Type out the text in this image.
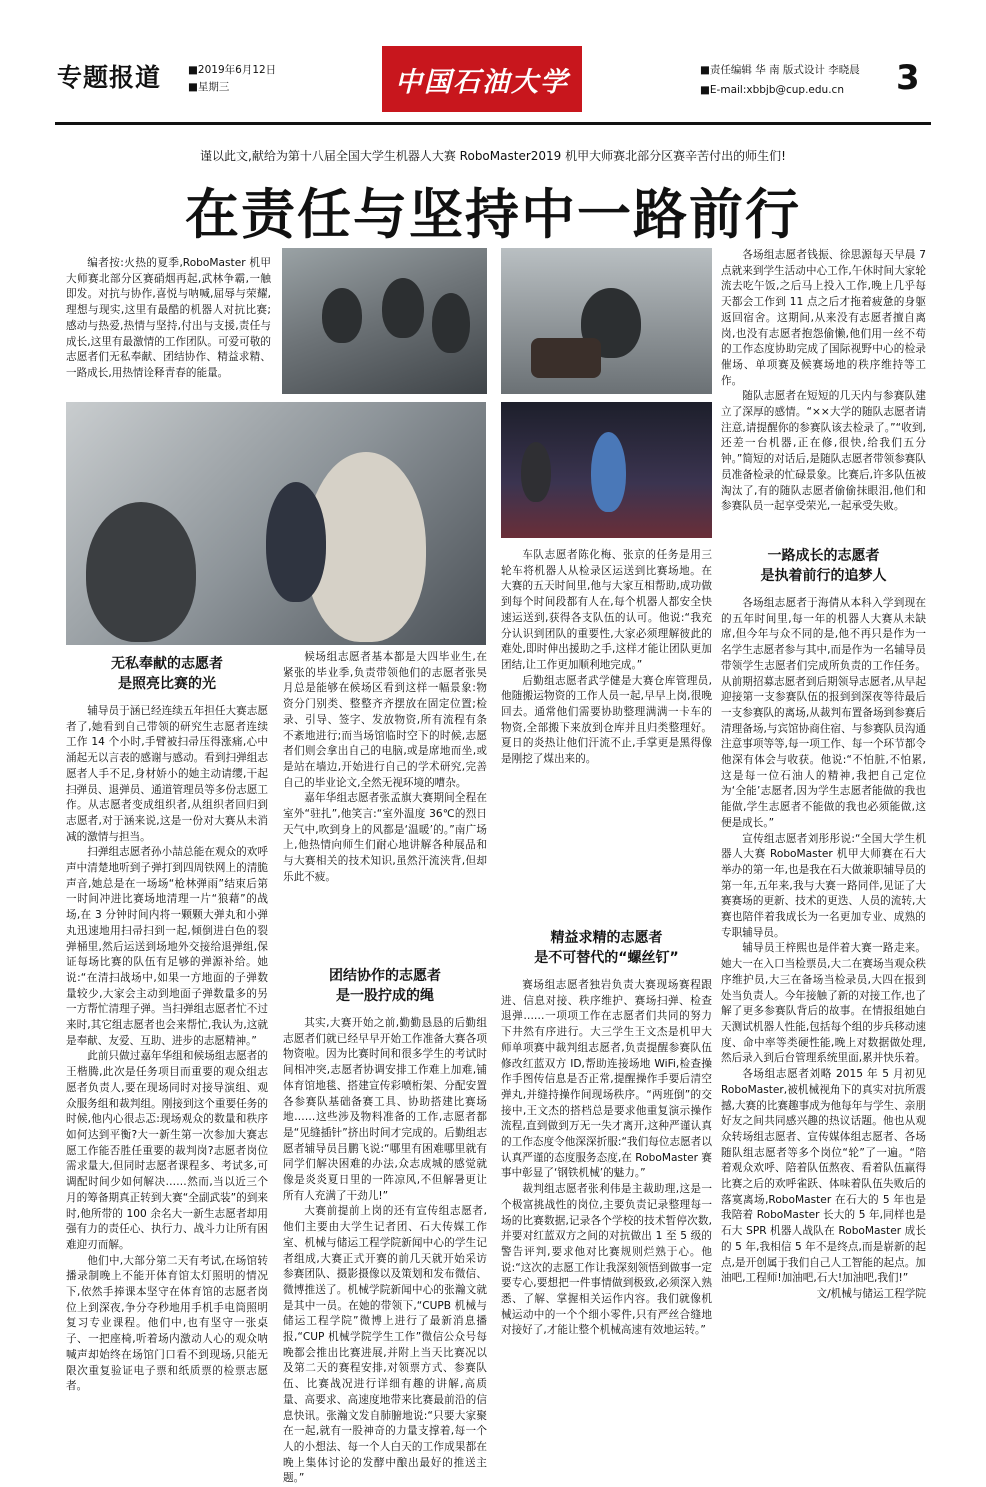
专题报道	■2019年6月12日
■星期三	中国石油大学	■责任编辑 华 南 版式设计 李晓晨
■E-mail:xbbjb@cup.edu.cn	3
谨以此文,献给为第十八届全国大学生机器人大赛 RoboMaster2019 机甲大师赛北部分区赛辛苦付出的师生们!
在责任与坚持中一路前行

编者按:火热的夏季,RoboMaster 机甲大师赛北部分区赛硝烟再起,武林争霸,一触即发。对抗与协作,喜悦与呐喊,屈辱与荣耀,理想与现实,这里有最酷的机器人对抗比赛;感动与热爱,热情与坚持,付出与支援,责任与成长,这里有最激情的工作团队。可爱可敬的志愿者们无私奉献、团结协作、精益求精、一路成长,用热情诠释青春的能量。

无私奉献的志愿者
是照亮比赛的光

辅导员于涵已经连续五年担任大赛志愿者了,她看到自己带领的研究生志愿者连续工作 14 个小时,手臂被扫帚压得涨痛,心中涌起无以言表的感谢与感动。看到扫弹组志愿者人手不足,身材娇小的她主动请缨,干起扫弹员、退弹员、通道管理员等多份志愿工作。从志愿者变成组织者,从组织者回归到志愿者,对于涵来说,这是一份对大赛从未消减的激情与担当。

扫弹组志愿者孙小喆总能在观众的欢呼声中清楚地听到子弹打到四周铁网上的清脆声音,她总是在一场场“枪林弹雨”结束后第一时间冲进比赛场地清理一片“狼藉”的战场,在 3 分钟时间内将一颗颗大弹丸和小弹丸迅速地用扫帚扫到一起,倾倒进白色的裂弹桶里,然后运送到场地外交接给退弹组,保证每场比赛的队伍有足够的弹源补给。她说:“在清扫战场中,如果一方地面的子弹数量较少,大家会主动到地面子弹数量多的另一方帮忙清理子弹。当扫弹组志愿者忙不过来时,其它组志愿者也会来帮忙,我认为,这就是奉献、友爱、互助、进步的志愿精神。”

此前只做过嘉年华组和候场组志愿者的王楷腾,此次是任务项目而重要的观众组志愿者负责人,要在现场同时对接导演组、观众服务组和裁判组。刚接到这个重要任务的时候,他内心很忐忑:现场观众的数量和秩序如何达到平衡?大一新生第一次参加大赛志愿工作能否胜任重要的裁判岗?志愿者岗位需求量大,但同时志愿者课程多、考试多,可调配时间少如何解决……然而,当以近三个月的筹备期真正转到大赛“全副武装”的到来时,他所带的 100 余名大一新生志愿者却用强有力的责任心、执行力、战斗力让所有困难迎刃而解。

他们中,大部分第二天有考试,在场馆转播录制晚上不能开体育馆太灯照明的情况下,依然手捧课本坚守在体育馆的志愿者岗位上到深夜,争分夺秒地用手机手电筒照明复习专业课程。他们中,也有坚守一张桌子、一把座椅,听着场内激动人心的观众呐喊声却始终在场馆门口看不到现场,只能无限次重复验证电子票和纸质票的检票志愿者。

候场组志愿者基本都是大四毕业生,在紧张的毕业季,负责带领他们的志愿者张昊月总是能够在候场区看到这样一幅景象:物资分门别类、整整齐齐摆放在固定位置;检录、引导、签字、发放物资,所有流程有条不紊地进行;而当场馆临时空下的时候,志愿者们则会拿出自己的电脑,或是席地而坐,或是站在墙边,开始进行自己的学术研究,完善自己的毕业论文,全然无视环境的嘈杂。

嘉年华组志愿者张孟旗大赛期间全程在室外“驻扎”,他笑言:“室外温度 36℃的烈日天气中,吹到身上的风都是‘温暖’的。”南广场上,他热情向师生们耐心地讲解各种展品和与大赛相关的技术知识,虽然汗流浃背,但却乐此不疲。

团结协作的志愿者
是一股拧成的绳

其实,大赛开始之前,勤勤恳恳的后勤组志愿者们就已经早早开始工作准备大赛各项物资啦。因为比赛时间和很多学生的考试时间相冲突,志愿者协调安排工作难上加难,铺体育馆地毯、搭建宣传彩喷桁架、分配安置各参赛队基础备赛工具、协助搭建比赛场地……这些涉及物料准备的工作,志愿者都是“见缝插针”挤出时间才完成的。后勤组志愿者辅导员吕鹏飞说:“哪里有困难哪里就有同学们解决困难的办法,众志成城的感觉就像是炎炎夏日里的一阵凉风,不但解暑更让所有人充满了干劲儿!”

大赛前提前上岗的还有宣传组志愿者,他们主要由大学生记者团、石大传媒工作室、机械与储运工程学院新闻中心的学生记者组成,大赛正式开赛的前几天就开始采访参赛团队、摄影摄像以及策划和发布微信、微博推送了。机械学院新闻中心的张瀚文就是其中一员。在她的带领下,“CUPB 机械与储运工程学院”微博上进行了最新消息播报,“CUP 机械学院学生工作”微信公众号每晚都会推出比赛进展,并附上当天比赛况以及第二天的赛程安排,对领票方式、参赛队伍、比赛战况进行详细有趣的讲解,高质量、高要求、高速度地带来比赛最前沿的信息快讯。张瀚文发自肺腑地说:“只要大家聚在一起,就有一股神奇的力量支撑着,每一个人的小想法、每一个人白天的工作成果都在晚上集体讨论的发酵中酿出最好的推送主题。”

车队志愿者陈化梅、张京的任务是用三轮车将机器人从检录区运送到比赛场地。在大赛的五天时间里,他与大家互相帮助,成功做到每个时间段都有人在,每个机器人都安全快速运送到,获得各支队伍的认可。他说:“我充分认识到团队的重要性,大家必须理解彼此的难处,即时伸出援助之手,这样才能让团队更加团结,让工作更加顺利地完成。”

后勤组志愿者武学健是大赛仓库管理员,他随搬运物资的工作人员一起,早早上岗,很晚回去。通常他们需要协助整理满满一卡车的物资,全部搬下来放到仓库并且归类整理好。夏日的炎热让他们汗流不止,手掌更是黑得像是刚挖了煤出来的。

精益求精的志愿者
是不可替代的“螺丝钉”

赛场组志愿者独岩负责大赛现场赛程跟进、信息对接、秩序维护、赛场扫弹、检查退弹……一项项工作在志愿者们共同的努力下井然有序进行。大三学生王文杰是机甲大师单项赛中裁判组志愿者,负责提醒参赛队伍修改红蓝双方 ID,帮助连接场地 WiFi,检查操作手图传信息是否正常,提醒操作手要后清空弹丸,并缝持操作间现场秩序。“两班倒”的交接中,王文杰的搭档总是要求他重复演示操作流程,直到做到万无一失才离开,这种严谨认真的工作态度令他深深折服:“我们每位志愿者以认真严谨的态度服务态度,在 RoboMaster 赛事中彰显了‘钢铁机械’的魅力。”

裁判组志愿者张利伟是主裁助理,这是一个极富挑战性的岗位,主要负责记录整理每一场的比赛数据,记录各个学校的技术暂停次数,并要对红蓝双方之间的对抗做出 1 至 5 级的警告评判,要求他对比赛规则烂熟于心。他说:“这次的志愿工作让我深刻领悟到做事一定要专心,要想把一件事情做到极致,必须深入熟悉、了解、掌握相关运作内容。我们就像机械运动中的一个个细小零件,只有严丝合缝地对接好了,才能让整个机械高速有效地运转。”

各场组志愿者钱振、徐思源每天早晨 7 点就来到学生活动中心工作,午休时间大家轮流去吃午饭,之后马上投入工作,晚上几乎每天都会工作到 11 点之后才拖着疲惫的身躯返回宿舍。这期间,从来没有志愿者擅自离岗,也没有志愿者抱怨偷懒,他们用一丝不苟的工作态度协助完成了国际视野中心的检录催场、单项赛及候赛场地的秩序维持等工作。

随队志愿者在短短的几天内与参赛队建立了深厚的感情。“××大学的随队志愿者请注意,请提醒你的参赛队该去检录了。”“收到,还差一台机器,正在修,很快,给我们五分钟。”简短的对话后,是随队志愿者带领参赛队员准备检录的忙碌景象。比赛后,许多队伍被淘汰了,有的随队志愿者偷偷抹眼泪,他们和参赛队员一起享受荣光,一起承受失败。

一路成长的志愿者
是执着前行的追梦人

各场组志愿者于海倩从本科入学到现在的五年时间里,每一年的机器人大赛从未缺席,但今年与众不同的是,他不再只是作为一名学生志愿者参与其中,而是作为一名辅导员带领学生志愿者们完成所负责的工作任务。从前期招募志愿者到后期领导志愿者,从早起迎接第一支参赛队伍的报到到深夜等待最后一支参赛队的离场,从裁判布置备场到参赛后清理备场,与宾馆协商住宿、与参赛队员沟通注意事项等等,每一项工作、每一个环节都令他深有体会与收获。他说:“不怕脏,不怕累,这是每一位石油人的精神,我把自己定位为‘全能’志愿者,因为学生志愿者能做的我也能做,学生志愿者不能做的我也必须能做,这便是成长。”

宣传组志愿者刘彤彤说:“全国大学生机器人大赛 RoboMaster 机甲大师赛在石大举办的第一年,也是我在石大做兼职辅导员的第一年,五年来,我与大赛一路同伴,见证了大赛赛场的更新、技术的更迭、人员的流转,大赛也陪伴着我成长为一名更加专业、成熟的专职辅导员。

辅导员王梓熙也是伴着大赛一路走来。她大一在入口当检票员,大二在赛场当观众秩序维护员,大三在备场当检录员,大四在报到处当负责人。今年接触了新的对接工作,也了解了更多参赛队背后的故事。在情报组她白天测试机器人性能,包括每个组的步兵移动速度、命中率等类硬性能,晚上对数据做处理,然后录入到后台管理系统里面,累并快乐着。

各场组志愿者刘略 2015 年 5 月初见 RoboMaster,被机械视角下的真实对抗所震撼,大赛的比赛趣事成为他每年与学生、亲朋好友之间共同感兴趣的热议话题。他也从观众转场组志愿者、宣传媒体组志愿者、各场随队组志愿者等多个岗位“轮”了一遍。“陪着观众欢呼、陪着队伍熬夜、看着队伍赢得比赛之后的欢呼雀跃、体味着队伍失败后的落寞离场,RoboMaster 在石大的 5 年也是我陪着 RoboMaster 长大的 5 年,同样也是石大 SPR 机器人战队在 RoboMaster 成长的 5 年,我相信 5 年不是终点,而是崭新的起点,是开创属于我们自己人工智能的起点。加油吧,工程师!加油吧,石大!加油吧,我们!”

文/机械与储运工程学院
